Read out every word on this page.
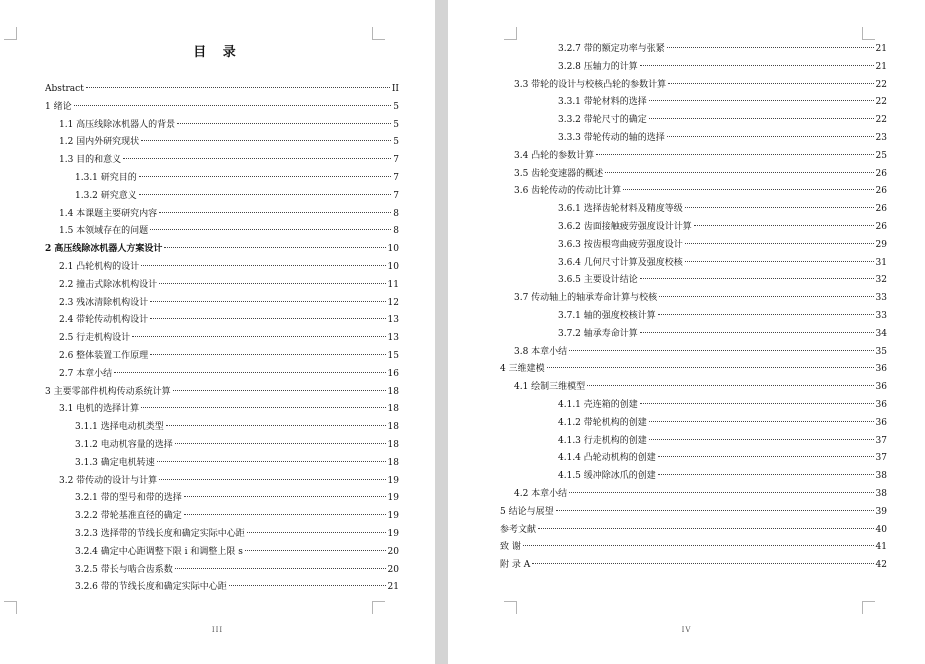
目 录
Abstract	II
1 绪论	5
1.1 高压线除冰机器人的背景	5
1.2 国内外研究现状	5
1.3 目的和意义	7
1.3.1 研究目的	7
1.3.2 研究意义	7
1.4 本课题主要研究内容	8
1.5 本领域存在的问题	8
2 高压线除冰机器人方案设计	10
2.1 凸轮机构的设计	10
2.2 撞击式除冰机构设计	11
2.3 残冰清除机构设计	12
2.4 带轮传动机构设计	13
2.5 行走机构设计	13
2.6 整体装置工作原理	15
2.7 本章小结	16
3 主要零部件机构传动系统计算	18
3.1 电机的选择计算	18
3.1.1 选择电动机类型	18
3.1.2 电动机容量的选择	18
3.1.3 确定电机转速	18
3.2 带传动的设计与计算	19
3.2.1 带的型号和带的选择	19
3.2.2 带轮基准直径的确定	19
3.2.3 选择带的节线长度和确定实际中心距	19
3.2.4 确定中心距调整下限 i 和调整上限 s	20
3.2.5 带长与啮合齿系数	20
3.2.6 带的节线长度和确定实际中心距	21
III
3.2.7 带的额定功率与张紧	21
3.2.8 压轴力的计算	21
3.3 带轮的设计与校核凸轮的参数计算	22
3.3.1 带轮材料的选择	22
3.3.2 带轮尺寸的确定	22
3.3.3 带轮传动的轴的选择	23
3.4 凸轮的参数计算	25
3.5 齿轮变速器的概述	26
3.6 齿轮传动的传动比计算	26
3.6.1 选择齿轮材料及精度等级	26
3.6.2 齿面接触疲劳强度设计计算	26
3.6.3 按齿根弯曲疲劳强度设计	29
3.6.4 几何尺寸计算及强度校核	31
3.6.5 主要设计结论	32
3.7 传动轴上的轴承寿命计算与校核	33
3.7.1 轴的强度校核计算	33
3.7.2 轴承寿命计算	34
3.8 本章小结	35
4 三维建模	36
4.1 绘制三维模型	36
4.1.1 壳连箱的创建	36
4.1.2 带轮机构的创建	36
4.1.3 行走机构的创建	37
4.1.4 凸轮动机构的创建	37
4.1.5 缓冲除冰爪的创建	38
4.2 本章小结	38
5 结论与展望	39
参考文献	40
致 谢	41
附 录 A	42
IV
